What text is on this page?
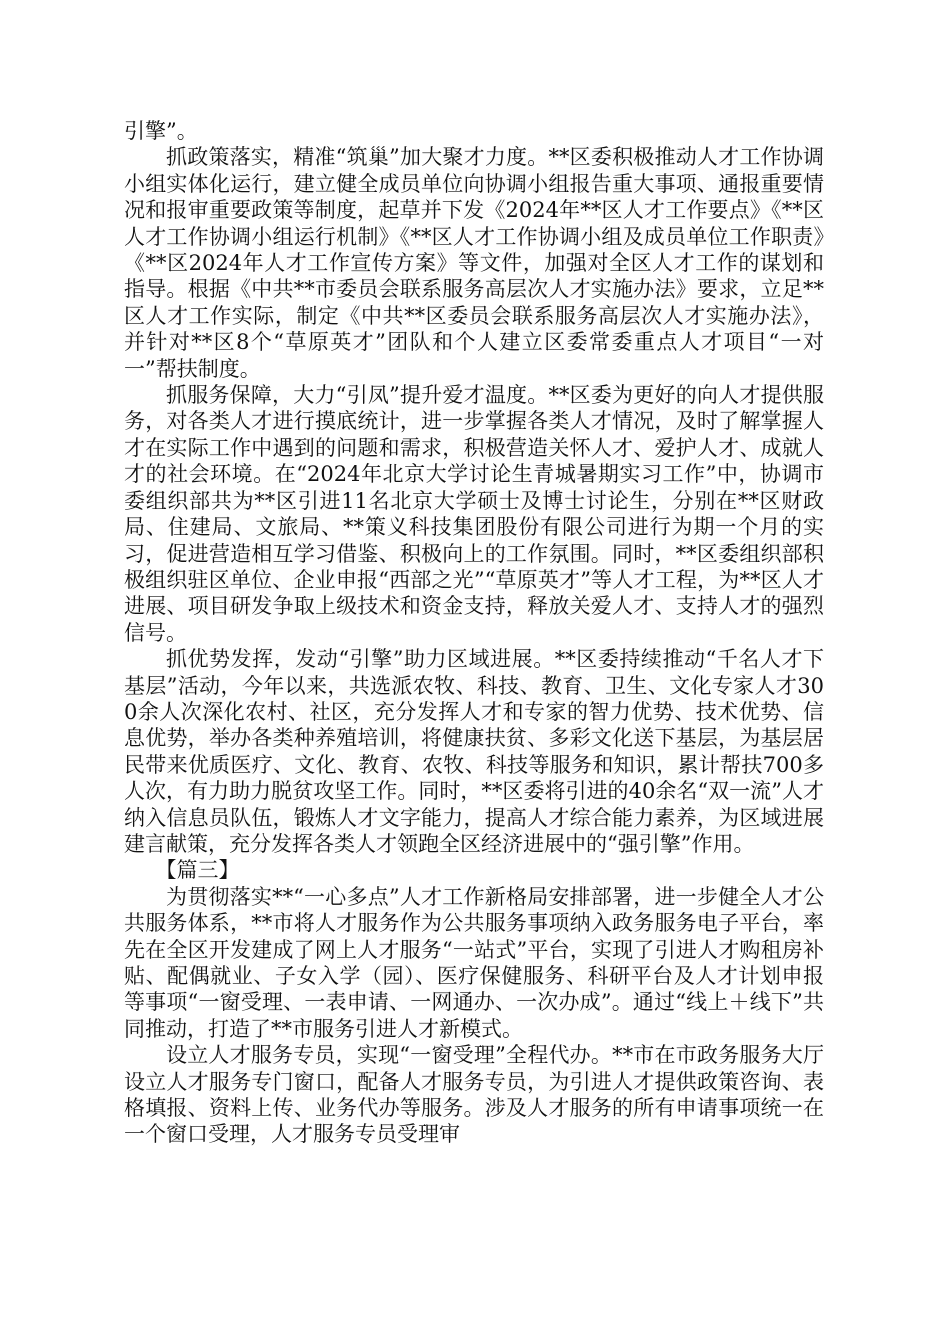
引擎”。

抓政策落实，精准“筑巢”加大聚才力度。**区委积极推动人才工作协调小组实体化运行，建立健全成员单位向协调小组报告重大事项、通报重要情况和报审重要政策等制度，起草并下发《2024年**区人才工作要点》《**区人才工作协调小组运行机制》《**区人才工作协调小组及成员单位工作职责》《**区2024年人才工作宣传方案》等文件，加强对全区人才工作的谋划和指导。根据《中共**市委员会联系服务高层次人才实施办法》要求，立足**区人才工作实际，制定《中共**区委员会联系服务高层次人才实施办法》，并针对**区8个“草原英才”团队和个人建立区委常委重点人才项目“一对一”帮扶制度。

抓服务保障，大力“引凤”提升爱才温度。**区委为更好的向人才提供服务，对各类人才进行摸底统计，进一步掌握各类人才情况，及时了解掌握人才在实际工作中遇到的问题和需求，积极营造关怀人才、爱护人才、成就人才的社会环境。在“2024年北京大学讨论生青城暑期实习工作”中，协调市委组织部共为**区引进11名北京大学硕士及博士讨论生，分别在**区财政局、住建局、文旅局、**策义科技集团股份有限公司进行为期一个月的实习，促进营造相互学习借鉴、积极向上的工作氛围。同时，**区委组织部积极组织驻区单位、企业申报“西部之光”“草原英才”等人才工程，为**区人才进展、项目研发争取上级技术和资金支持，释放关爱人才、支持人才的强烈信号。

抓优势发挥，发动“引擎”助力区域进展。**区委持续推动“千名人才下基层”活动，今年以来，共选派农牧、科技、教育、卫生、文化专家人才300余人次深化农村、社区，充分发挥人才和专家的智力优势、技术优势、信息优势，举办各类种养殖培训，将健康扶贫、多彩文化送下基层，为基层居民带来优质医疗、文化、教育、农牧、科技等服务和知识，累计帮扶700多人次，有力助力脱贫攻坚工作。同时，**区委将引进的40余名“双一流”人才纳入信息员队伍，锻炼人才文字能力，提高人才综合能力素养，为区域进展建言献策，充分发挥各类人才领跑全区经济进展中的“强引擎”作用。

【篇三】

为贯彻落实**“一心多点”人才工作新格局安排部署，进一步健全人才公共服务体系，**市将人才服务作为公共服务事项纳入政务服务电子平台，率先在全区开发建成了网上人才服务“一站式”平台，实现了引进人才购租房补贴、配偶就业、子女入学（园）、医疗保健服务、科研平台及人才计划申报等事项“一窗受理、一表申请、一网通办、一次办成”。通过“线上＋线下”共同推动，打造了**市服务引进人才新模式。

设立人才服务专员，实现“一窗受理”全程代办。**市在市政务服务大厅设立人才服务专门窗口，配备人才服务专员，为引进人才提供政策咨询、表格填报、资料上传、业务代办等服务。涉及人才服务的所有申请事项统一在一个窗口受理，人才服务专员受理审
